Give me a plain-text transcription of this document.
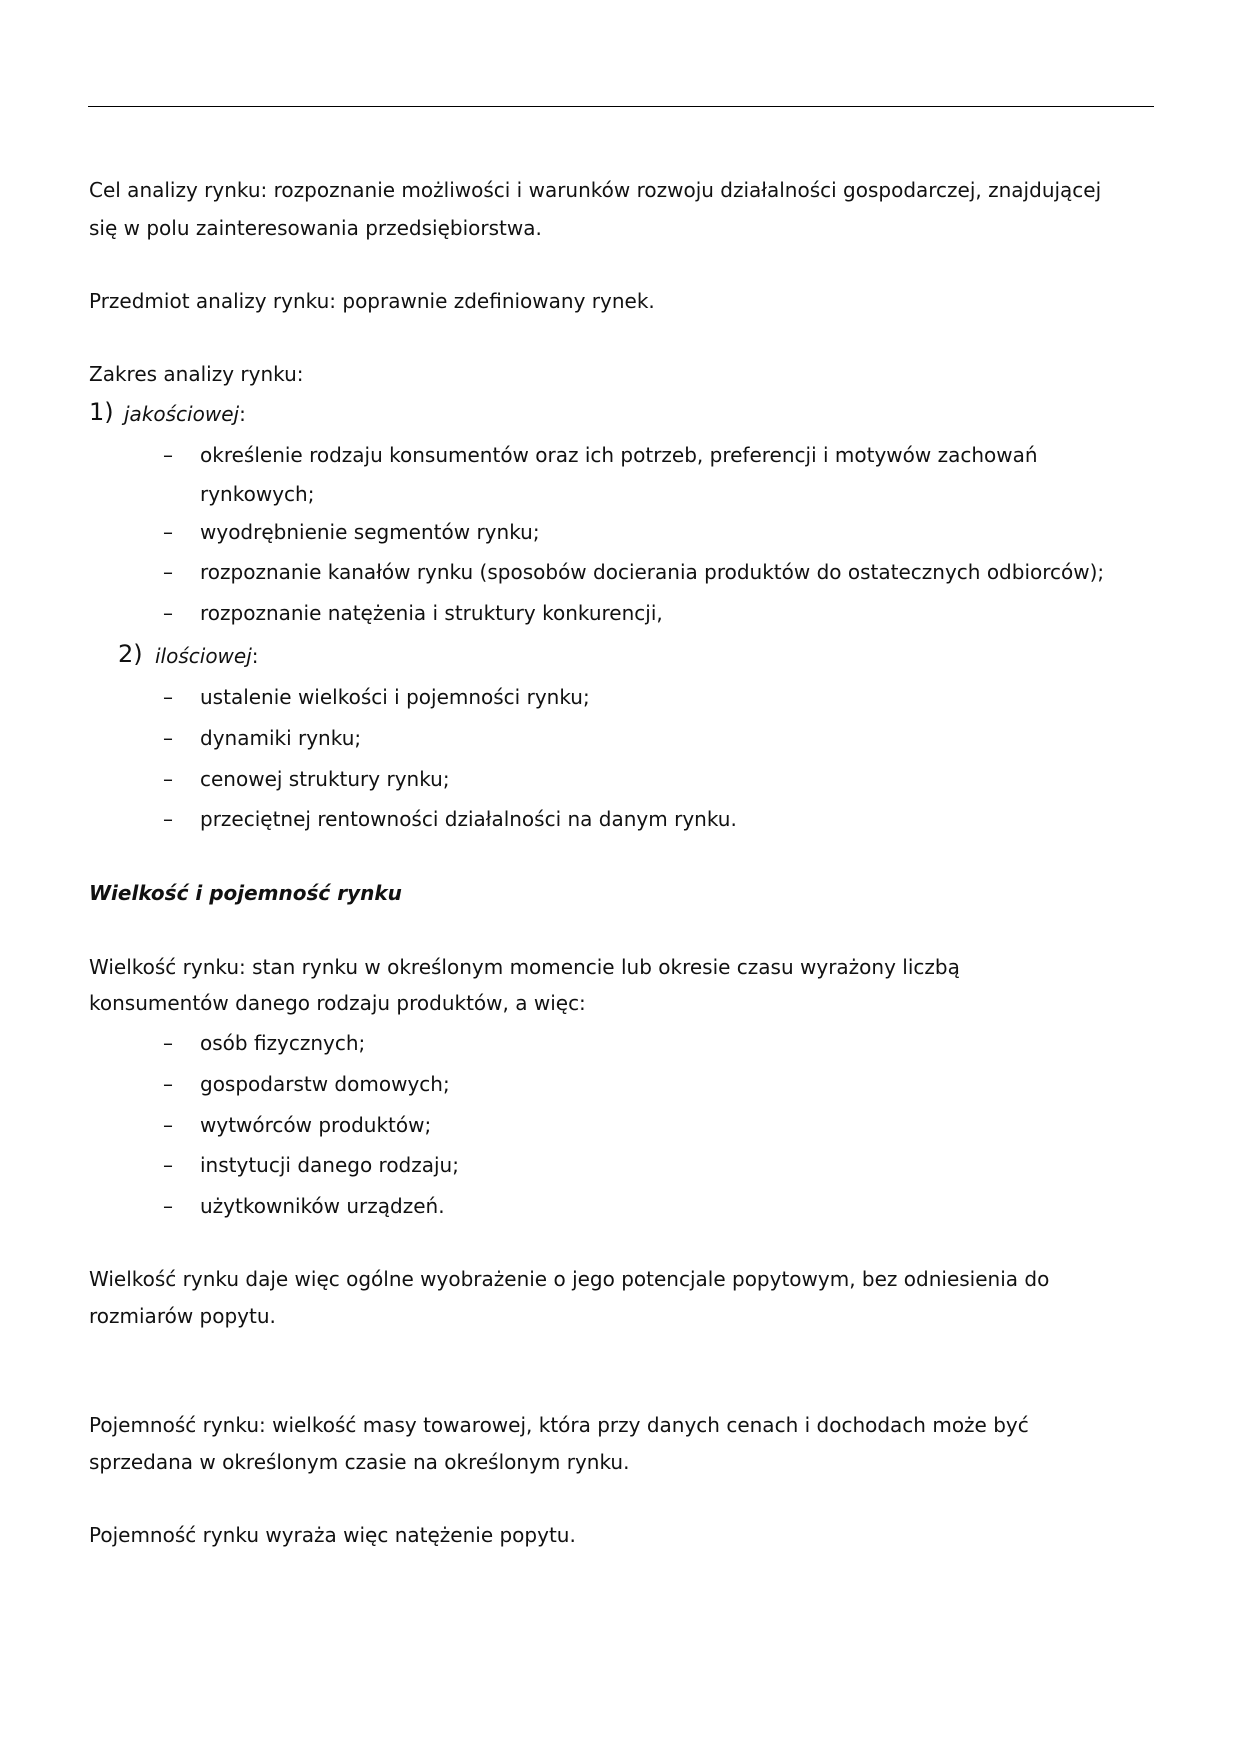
Cel analizy rynku: rozpoznanie możliwości i warunków rozwoju działalności gospodarczej, znajdującej
się w polu zainteresowania przedsiębiorstwa.
Przedmiot analizy rynku: poprawnie zdefiniowany rynek.
Zakres analizy rynku:
1) jakościowej:
– określenie rodzaju konsumentów oraz ich potrzeb, preferencji i motywów zachowań
rynkowych;
– wyodrębnienie segmentów rynku;
– rozpoznanie kanałów rynku (sposobów docierania produktów do ostatecznych odbiorców);
– rozpoznanie natężenia i struktury konkurencji,
2) ilościowej:
– ustalenie wielkości i pojemności rynku;
– dynamiki rynku;
– cenowej struktury rynku;
– przeciętnej rentowności działalności na danym rynku.
Wielkość i pojemność rynku
Wielkość rynku: stan rynku w określonym momencie lub okresie czasu wyrażony liczbą
konsumentów danego rodzaju produktów, a więc:
– osób fizycznych;
– gospodarstw domowych;
– wytwórców produktów;
– instytucji danego rodzaju;
– użytkowników urządzeń.
Wielkość rynku daje więc ogólne wyobrażenie o jego potencjale popytowym, bez odniesienia do
rozmiarów popytu.
Pojemność rynku: wielkość masy towarowej, która przy danych cenach i dochodach może być
sprzedana w określonym czasie na określonym rynku.
Pojemność rynku wyraża więc natężenie popytu.
